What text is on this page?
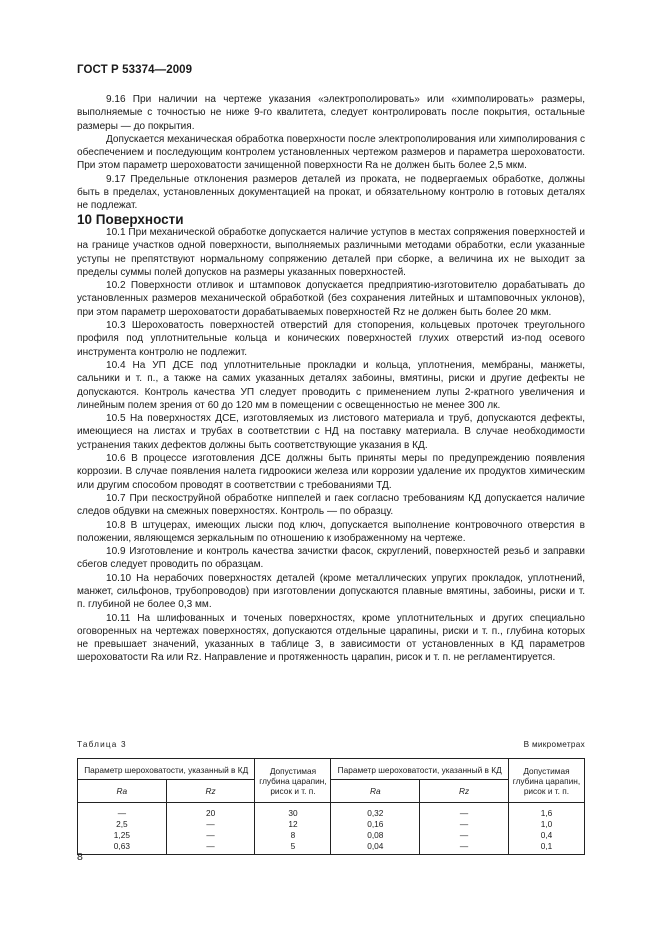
ГОСТ Р 53374—2009

9.16 При наличии на чертеже указания «электрополировать» или «химполировать» размеры, выполняемые с точностью не ниже 9-го квалитета, следует контролировать после покрытия, остальные размеры — до покрытия.

Допускается механическая обработка поверхности после электрополирования или химполирования с обеспечением и последующим контролем установленных чертежом размеров и параметра шероховатости. При этом параметр шероховатости зачищенной поверхности Ra не должен быть более 2,5 мкм.

9.17 Предельные отклонения размеров деталей из проката, не подвергаемых обработке, должны быть в пределах, установленных документацией на прокат, и обязательному контролю в готовых деталях не подлежат.

10 Поверхности

10.1 При механической обработке допускается наличие уступов в местах сопряжения поверхностей и на границе участков одной поверхности, выполняемых различными методами обработки, если указанные уступы не препятствуют нормальному сопряжению деталей при сборке, а величина их не выходит за пределы суммы полей допусков на размеры указанных поверхностей.

10.2 Поверхности отливок и штамповок допускается предприятию-изготовителю дорабатывать до установленных размеров механической обработкой (без сохранения литейных и штамповочных уклонов), при этом параметр шероховатости дорабатываемых поверхностей Rz не должен быть более 20 мкм.

10.3 Шероховатость поверхностей отверстий для стопорения, кольцевых проточек треугольного профиля под уплотнительные кольца и конических поверхностей глухих отверстий из-под осевого инструмента контролю не подлежит.

10.4 На УП ДСЕ под уплотнительные прокладки и кольца, уплотнения, мембраны, манжеты, сальники и т. п., а также на самих указанных деталях забоины, вмятины, риски и другие дефекты не допускаются. Контроль качества УП следует проводить с применением лупы 2-кратного увеличения и линейным полем зрения от 60 до 120 мм в помещении с освещенностью не менее 300 лк.

10.5 На поверхностях ДСЕ, изготовляемых из листового материала и труб, допускаются дефекты, имеющиеся на листах и трубах в соответствии с НД на поставку материала. В случае необходимости устранения таких дефектов должны быть соответствующие указания в КД.

10.6 В процессе изготовления ДСЕ должны быть приняты меры по предупреждению появления коррозии. В случае появления налета гидроокиси железа или коррозии удаление их продуктов химическим или другим способом проводят в соответствии с требованиями ТД.

10.7 При пескоструйной обработке ниппелей и гаек согласно требованиям КД допускается наличие следов обдувки на смежных поверхностях. Контроль — по образцу.

10.8 В штуцерах, имеющих лыски под ключ, допускается выполнение контровочного отверстия в положении, являющемся зеркальным по отношению к изображенному на чертеже.

10.9 Изготовление и контроль качества зачистки фасок, скруглений, поверхностей резьб и заправки сбегов следует проводить по образцам.

10.10 На нерабочих поверхностях деталей (кроме металлических упругих прокладок, уплотнений, манжет, сильфонов, трубопроводов) при изготовлении допускаются плавные вмятины, забоины, риски и т. п. глубиной не более 0,3 мм.

10.11 На шлифованных и точеных поверхностях, кроме уплотнительных и других специально оговоренных на чертежах поверхностях, допускаются отдельные царапины, риски и т. п., глубина которых не превышает значений, указанных в таблице 3, в зависимости от установленных в КД параметров шероховатости Ra или Rz. Направление и протяженность царапин, рисок и т. п. не регламентируется.

Таблица 3	В микрометрах
Параметр шероховатости, указанный в КД		Допустимая глубина царапин, рисок и т. п.	Параметр шероховатости, указанный в КД		Допустимая глубина царапин, рисок и т. п.
Ra	Rz		Ra	Rz	
—	20	30	0,32	—	1,6
2,5	—	12	0,16	—	1,0
1,25	—	8	0,08	—	0,4
0,63	—	5	0,04	—	0,1
8
